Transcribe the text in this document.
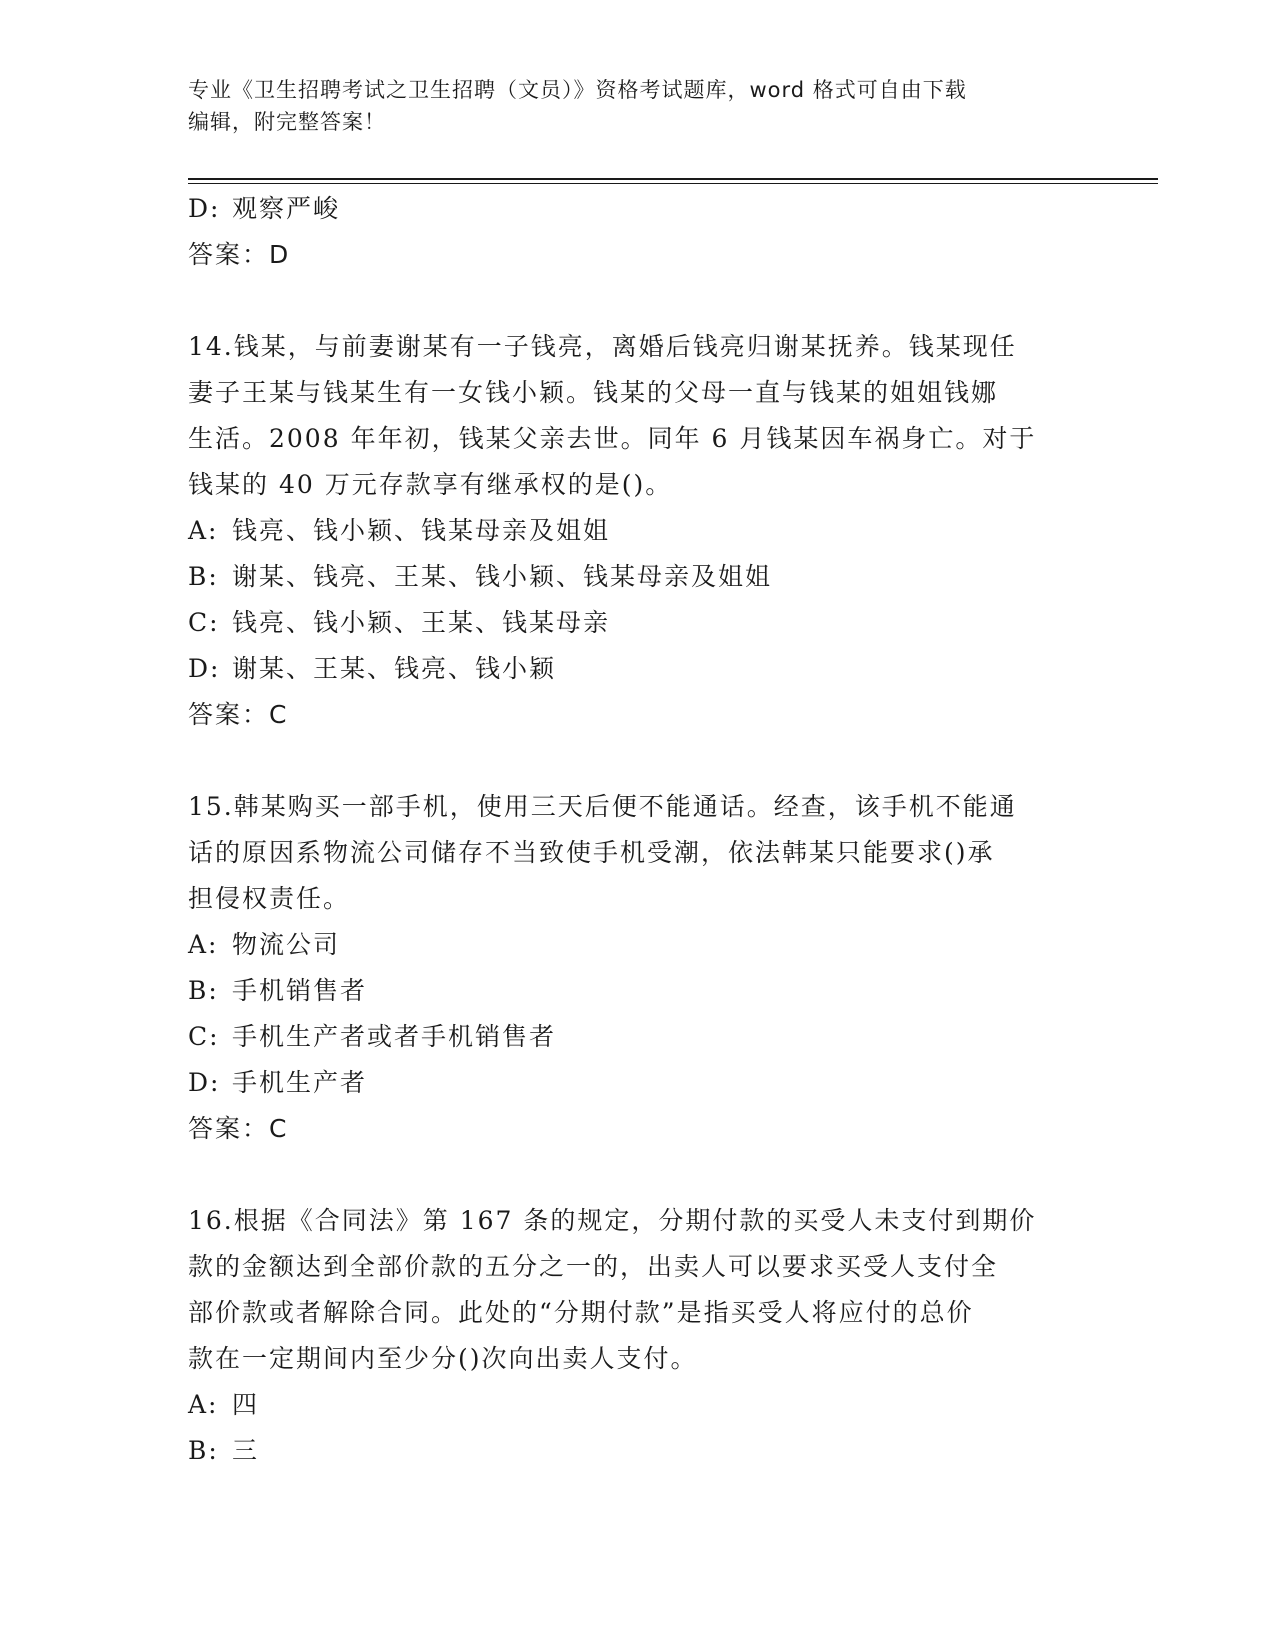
专业《卫生招聘考试之卫生招聘（文员）》资格考试题库，word 格式可自由下载
编辑，附完整答案！
D: 观察严峻
答案：D
14.钱某，与前妻谢某有一子钱亮，离婚后钱亮归谢某抚养。钱某现任
妻子王某与钱某生有一女钱小颖。钱某的父母一直与钱某的姐姐钱娜
生活。2008 年年初，钱某父亲去世。同年 6 月钱某因车祸身亡。对于
钱某的 40 万元存款享有继承权的是()。
A: 钱亮、钱小颖、钱某母亲及姐姐
B: 谢某、钱亮、王某、钱小颖、钱某母亲及姐姐
C: 钱亮、钱小颖、王某、钱某母亲
D: 谢某、王某、钱亮、钱小颖
答案：C
15.韩某购买一部手机，使用三天后便不能通话。经查，该手机不能通
话的原因系物流公司储存不当致使手机受潮，依法韩某只能要求()承
担侵权责任。
A: 物流公司
B: 手机销售者
C: 手机生产者或者手机销售者
D: 手机生产者
答案：C
16.根据《合同法》第 167 条的规定，分期付款的买受人未支付到期价
款的金额达到全部价款的五分之一的，出卖人可以要求买受人支付全
部价款或者解除合同。此处的“分期付款”是指买受人将应付的总价
款在一定期间内至少分()次向出卖人支付。
A: 四
B: 三
